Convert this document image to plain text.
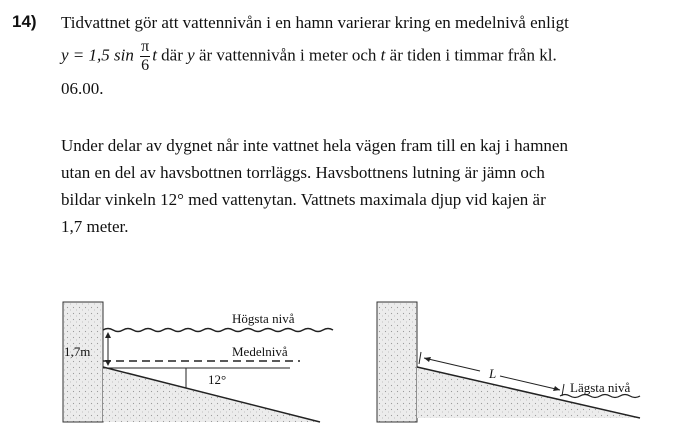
14) Tidvattnet gör att vattennivån i en hamn varierar kring en medelnivå enligt
y = 1,5 $\sin \frac{\pi}{6}$ t där y är vattennivån i meter och t är tiden i timmar från kl.
06.00.
Under delar av dygnet når inte vattnet hela vägen fram till en kaj i hamnen
utan en del av havsbottnen torrläggs. Havsbottnens lutning är jämn och
bildar vinkeln 12° med vattenytan. Vattnets maximala djup vid kajen är
1,7 meter.
Högsta nivå
Medelnivå
1,7m
12°	L
Lägsta nivå
